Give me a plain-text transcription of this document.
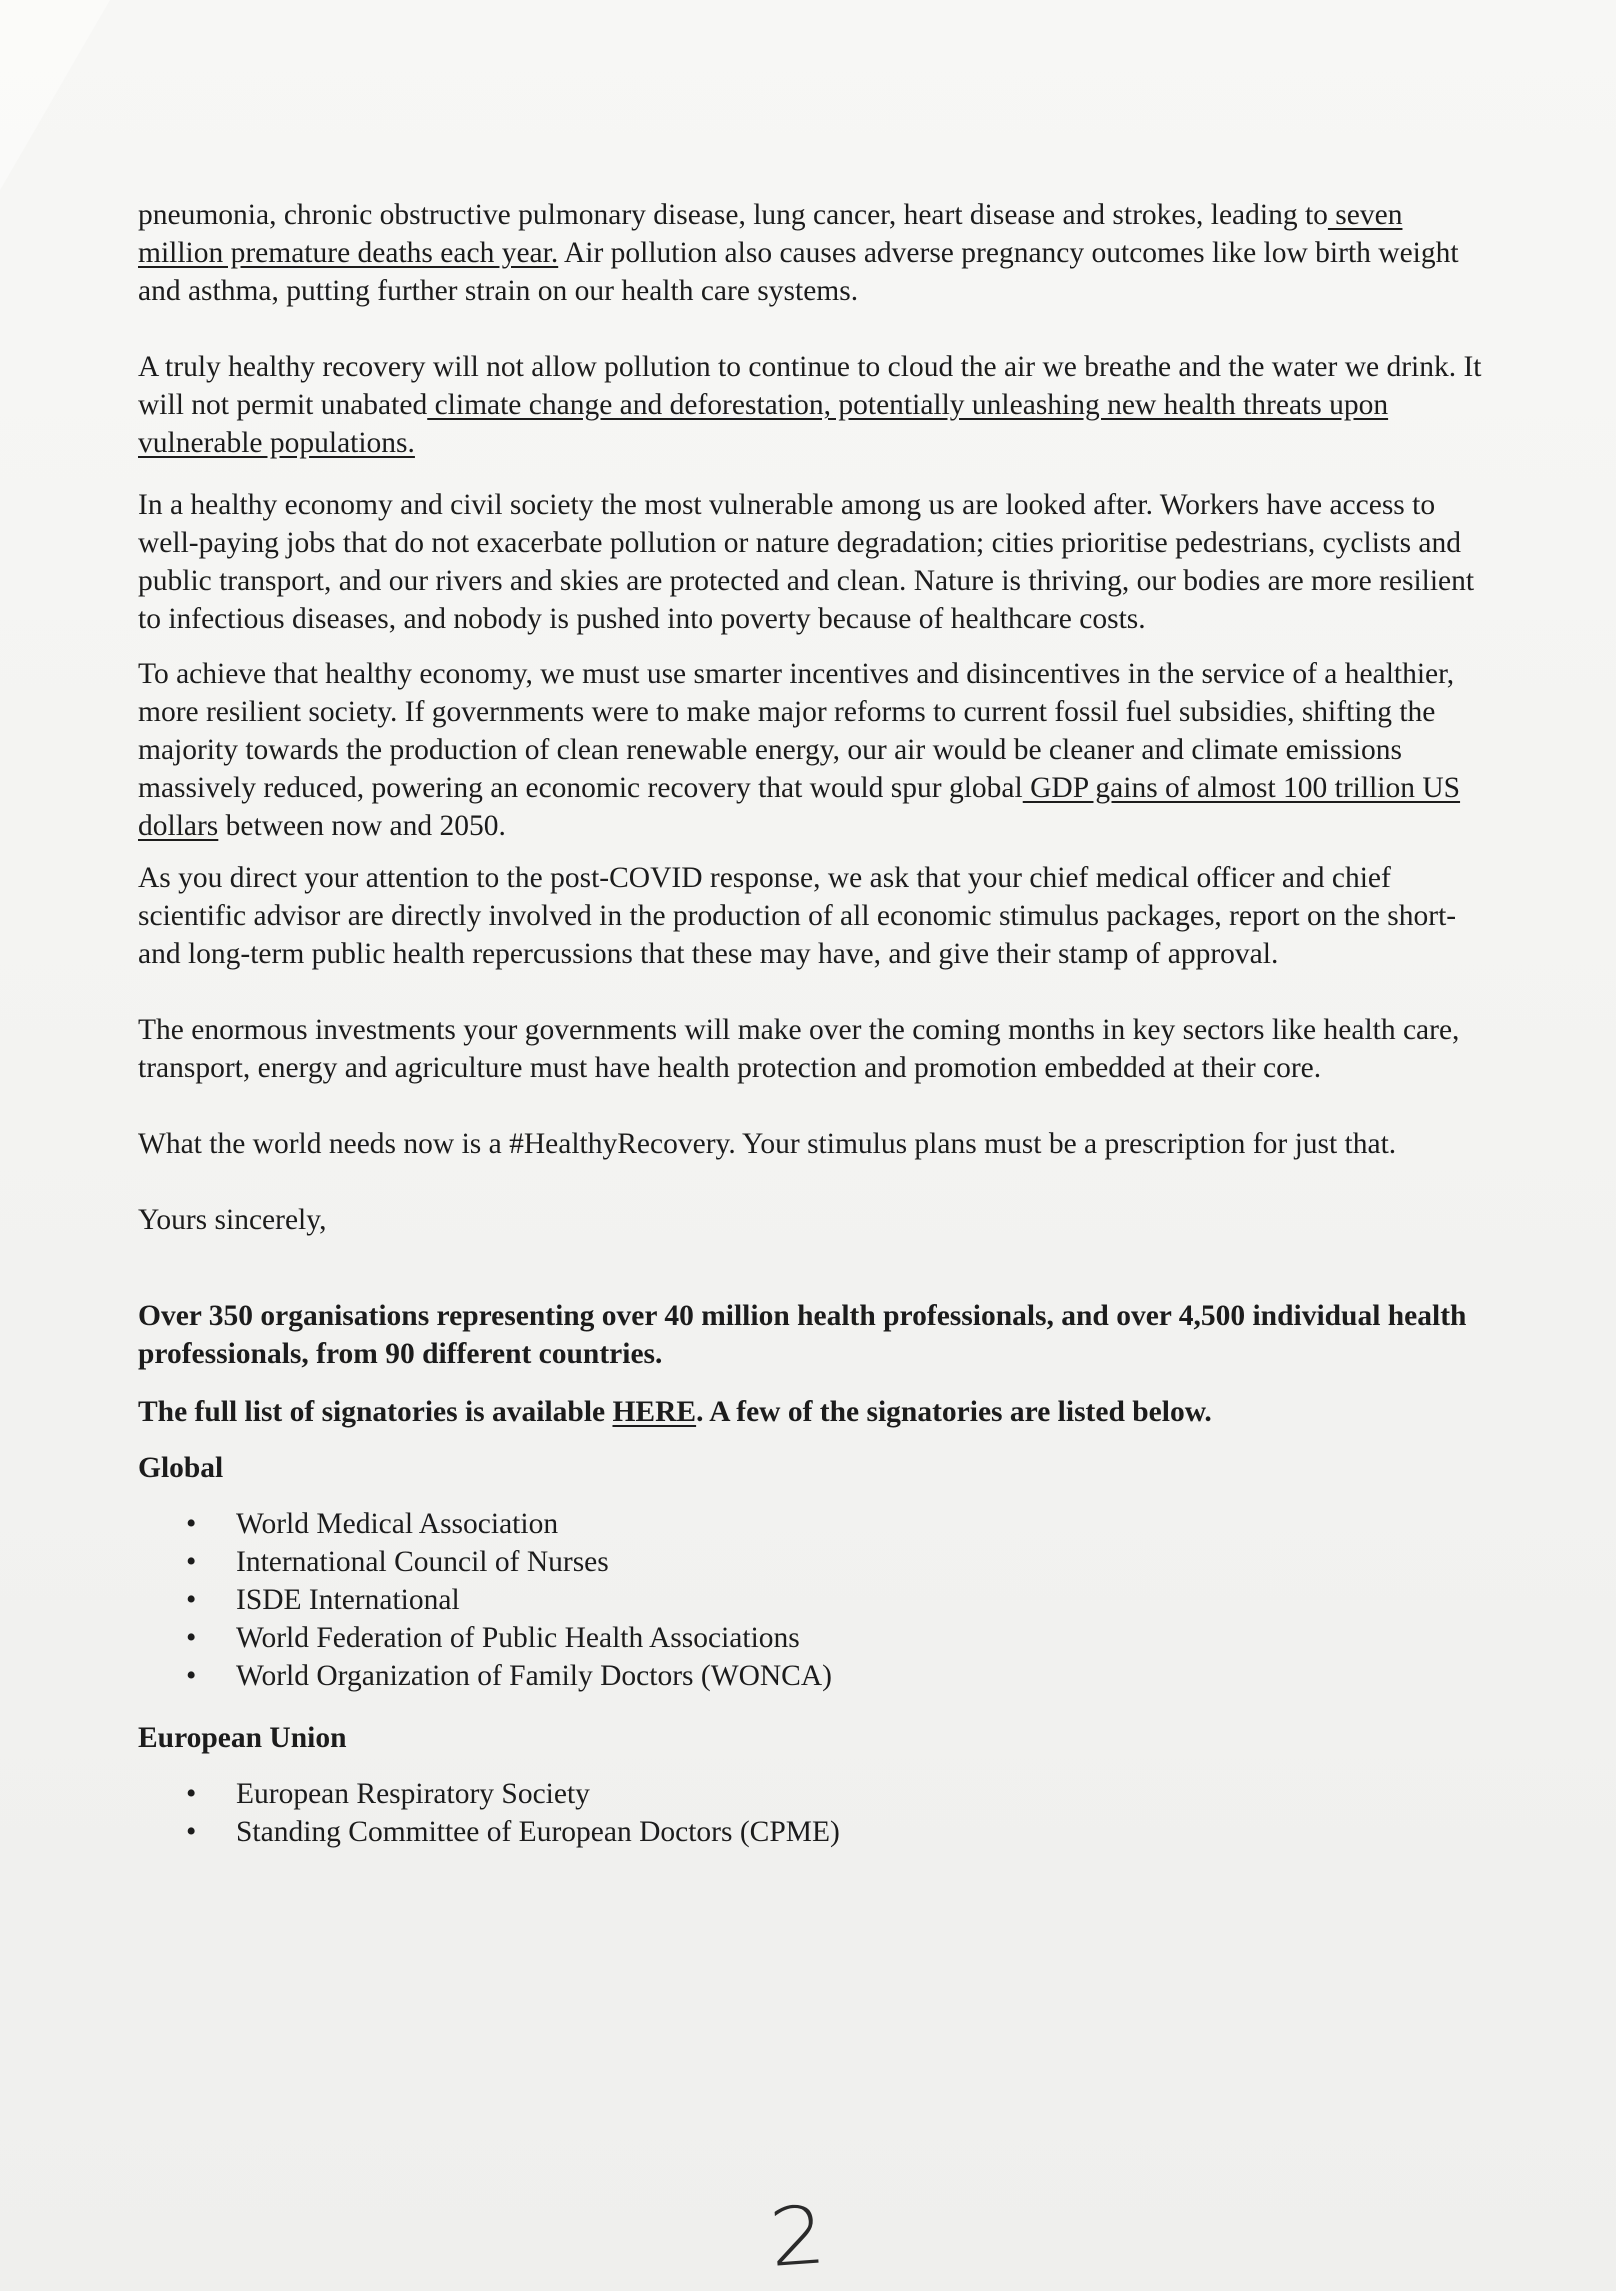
pneumonia, chronic obstructive pulmonary disease, lung cancer, heart disease and strokes, leading to seven million premature deaths each year. Air pollution also causes adverse pregnancy outcomes like low birth weight and asthma, putting further strain on our health care systems.

A truly healthy recovery will not allow pollution to continue to cloud the air we breathe and the water we drink. It will not permit unabated climate change and deforestation, potentially unleashing new health threats upon vulnerable populations.

In a healthy economy and civil society the most vulnerable among us are looked after. Workers have access to well-paying jobs that do not exacerbate pollution or nature degradation; cities prioritise pedestrians, cyclists and public transport, and our rivers and skies are protected and clean. Nature is thriving, our bodies are more resilient to infectious diseases, and nobody is pushed into poverty because of healthcare costs.

To achieve that healthy economy, we must use smarter incentives and disincentives in the service of a healthier, more resilient society. If governments were to make major reforms to current fossil fuel subsidies, shifting the majority towards the production of clean renewable energy, our air would be cleaner and climate emissions massively reduced, powering an economic recovery that would spur global GDP gains of almost 100 trillion US dollars between now and 2050.

As you direct your attention to the post-COVID response, we ask that your chief medical officer and chief scientific advisor are directly involved in the production of all economic stimulus packages, report on the short- and long-term public health repercussions that these may have, and give their stamp of approval.

The enormous investments your governments will make over the coming months in key sectors like health care, transport, energy and agriculture must have health protection and promotion embedded at their core.

What the world needs now is a #HealthyRecovery. Your stimulus plans must be a prescription for just that.

Yours sincerely,

Over 350 organisations representing over 40 million health professionals, and over 4,500 individual health professionals, from 90 different countries.

The full list of signatories is available HERE. A few of the signatories are listed below.

Global

• World Medical Association
• International Council of Nurses
• ISDE International
• World Federation of Public Health Associations
• World Organization of Family Doctors (WONCA)

European Union

• European Respiratory Society
• Standing Committee of European Doctors (CPME)
2
